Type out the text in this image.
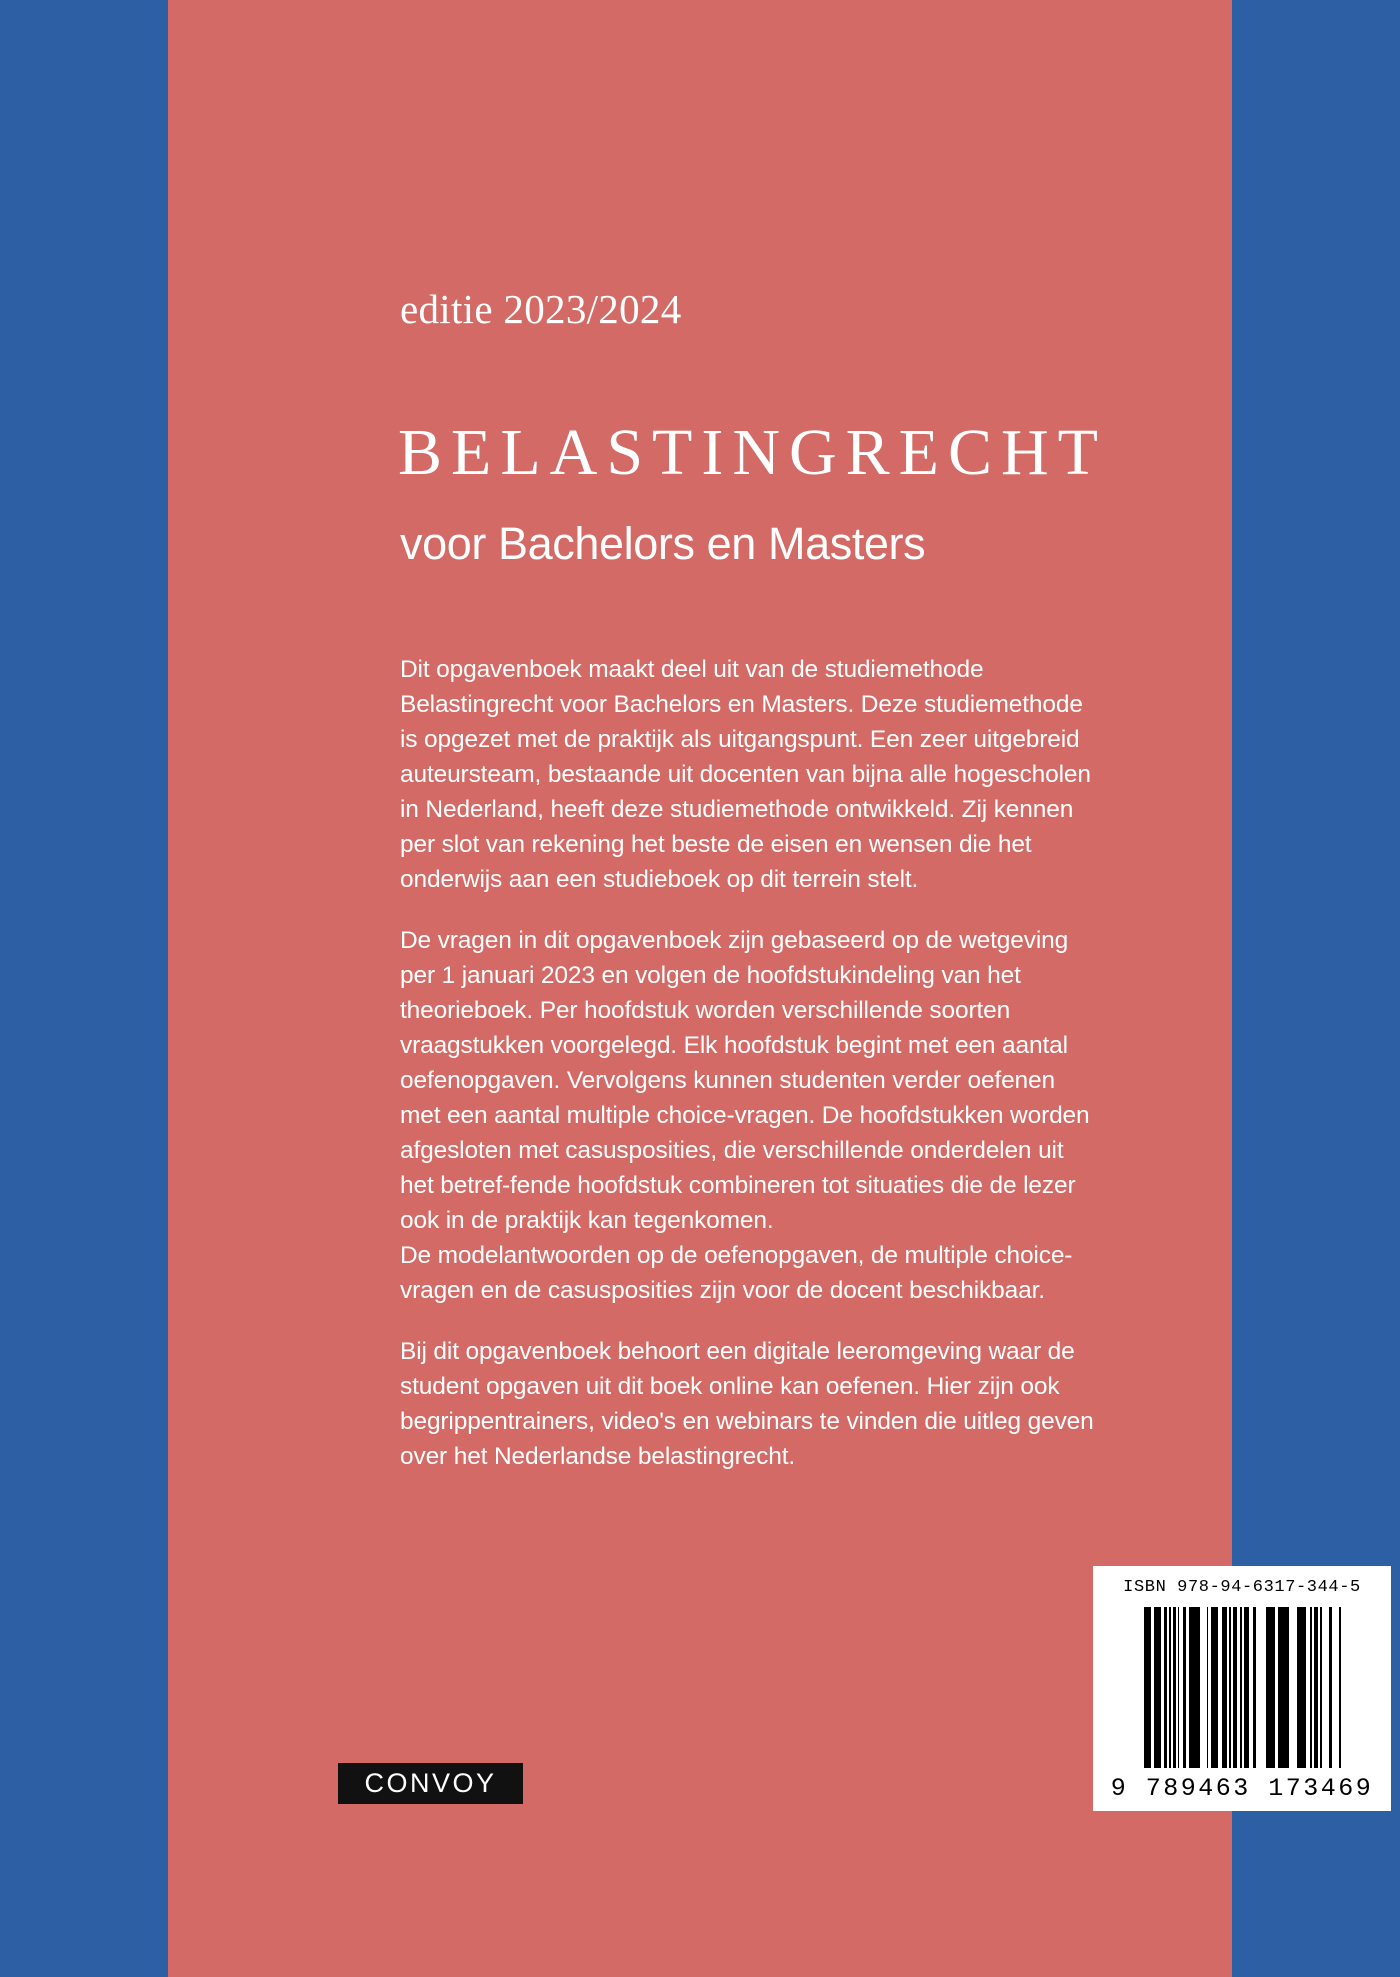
editie 2023/2024
BELASTINGRECHT
voor Bachelors en Masters

Dit opgavenboek maakt deel uit van de studiemethode Belastingrecht voor Bachelors en Masters. Deze studiemethode is opgezet met de praktijk als uitgangspunt. Een zeer uitgebreid auteursteam, bestaande uit docenten van bijna alle hogescholen in Nederland, heeft deze studiemethode ontwikkeld. Zij kennen per slot van rekening het beste de eisen en wensen die het onderwijs aan een studieboek op dit terrein stelt.

De vragen in dit opgavenboek zijn gebaseerd op de wetgeving per 1 januari 2023 en volgen de hoofdstukindeling van het theorieboek. Per hoofdstuk worden verschillende soorten vraagstukken voorgelegd. Elk hoofdstuk begint met een aantal oefenopgaven. Vervolgens kunnen studenten verder oefenen met een aantal multiple choice-vragen. De hoofdstukken worden afgesloten met casusposities, die verschillende onderdelen uit het betref-fende hoofdstuk combineren tot situaties die de lezer ook in de praktijk kan tegenkomen.

De modelantwoorden op de oefenopgaven, de multiple choice-vragen en de casusposities zijn voor de docent beschikbaar.

Bij dit opgavenboek behoort een digitale leeromgeving waar de student opgaven uit dit boek online kan oefenen. Hier zijn ook begrippentrainers, video's en webinars te vinden die uitleg geven over het Nederlandse belastingrecht.

CONVOY
ISBN 978-94-6317-344-5
9 789463 173469
